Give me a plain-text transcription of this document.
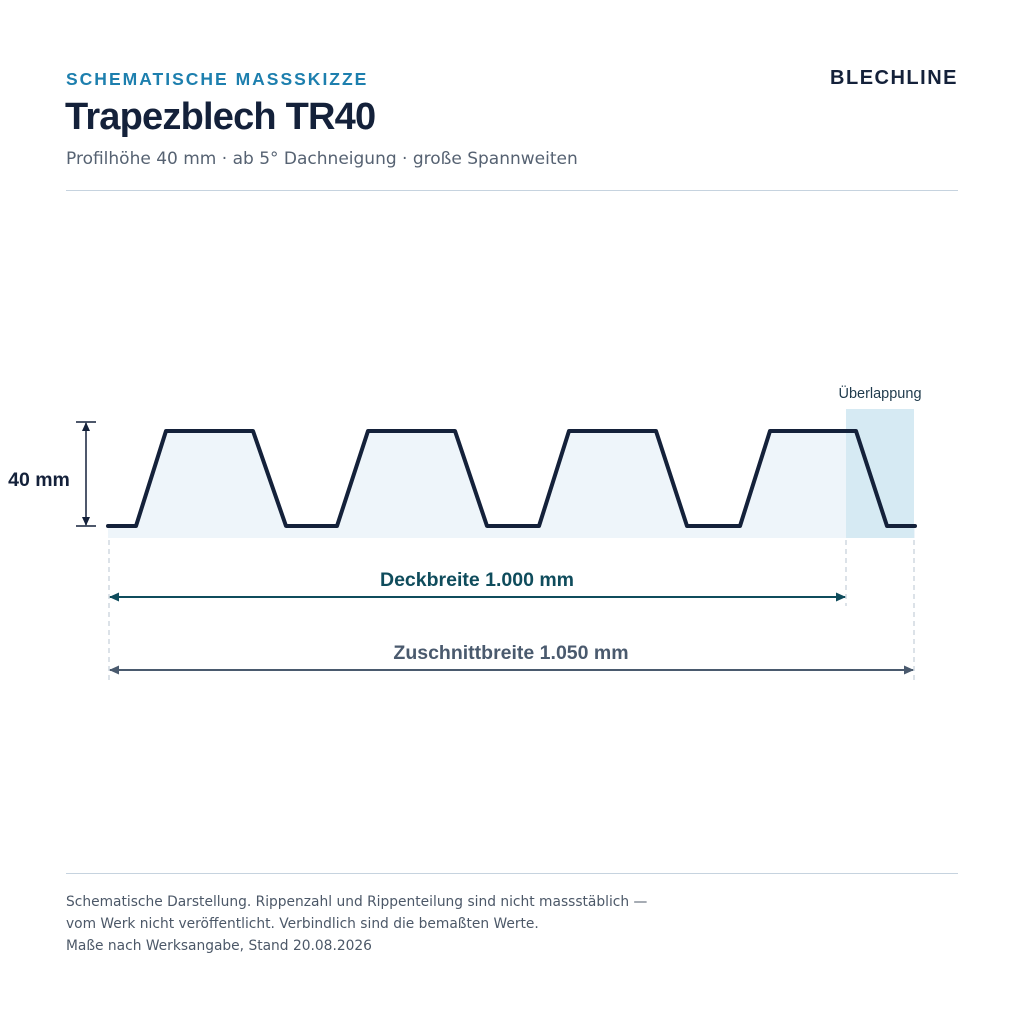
SCHEMATISCHE MASSSKIZZE	BLECHLINE
Trapezblech TR40
Profilhöhe 40 mm · ab 5° Dachneigung · große Spannweiten
Überlappung
40 mm
Deckbreite 1.000 mm
Zuschnittbreite 1.050 mm
Schematische Darstellung. Rippenzahl und Rippenteilung sind nicht massstäblich —
vom Werk nicht veröffentlicht. Verbindlich sind die bemaßten Werte.
Maße nach Werksangabe, Stand 20.08.2026
